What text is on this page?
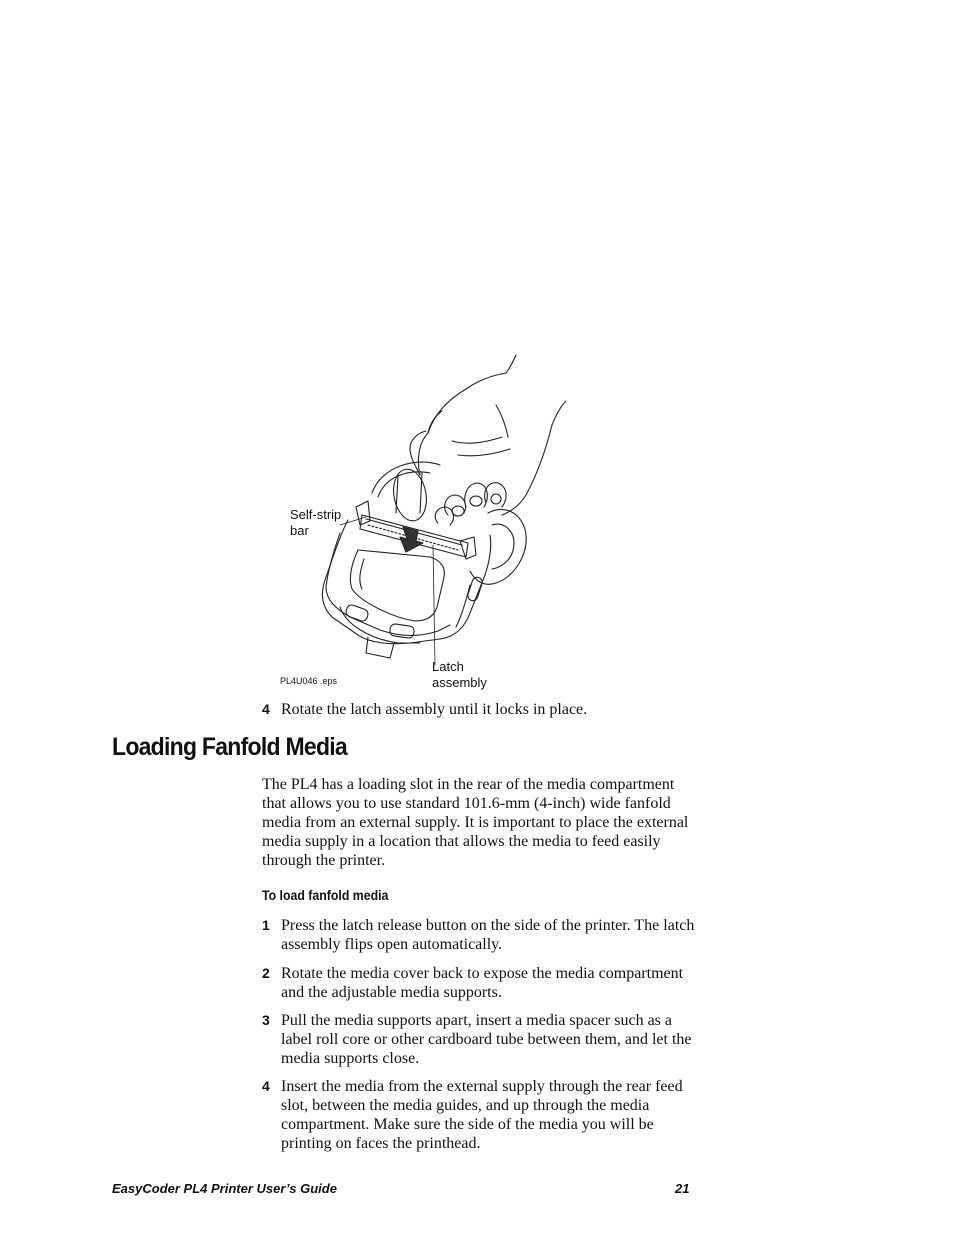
Self-strip
bar
Latch
assembly
PL4U046 .eps
4 Rotate the latch assembly until it locks in place.
Loading Fanfold Media

The PL4 has a loading slot in the rear of the media compartment that allows you to use standard 101.6-mm (4-inch) wide fanfold media from an external supply. It is important to place the external media supply in a location that allows the media to feed easily through the printer.

To load fanfold media
1 Press the latch release button on the side of the printer. The latch assembly flips open automatically.
2 Rotate the media cover back to expose the media compartment and the adjustable media supports.
3 Pull the media supports apart, insert a media spacer such as a label roll core or other cardboard tube between them, and let the media supports close.
4 Insert the media from the external supply through the rear feed slot, between the media guides, and up through the media compartment. Make sure the side of the media you will be printing on faces the printhead.
EasyCoder PL4 Printer User’s Guide	21
